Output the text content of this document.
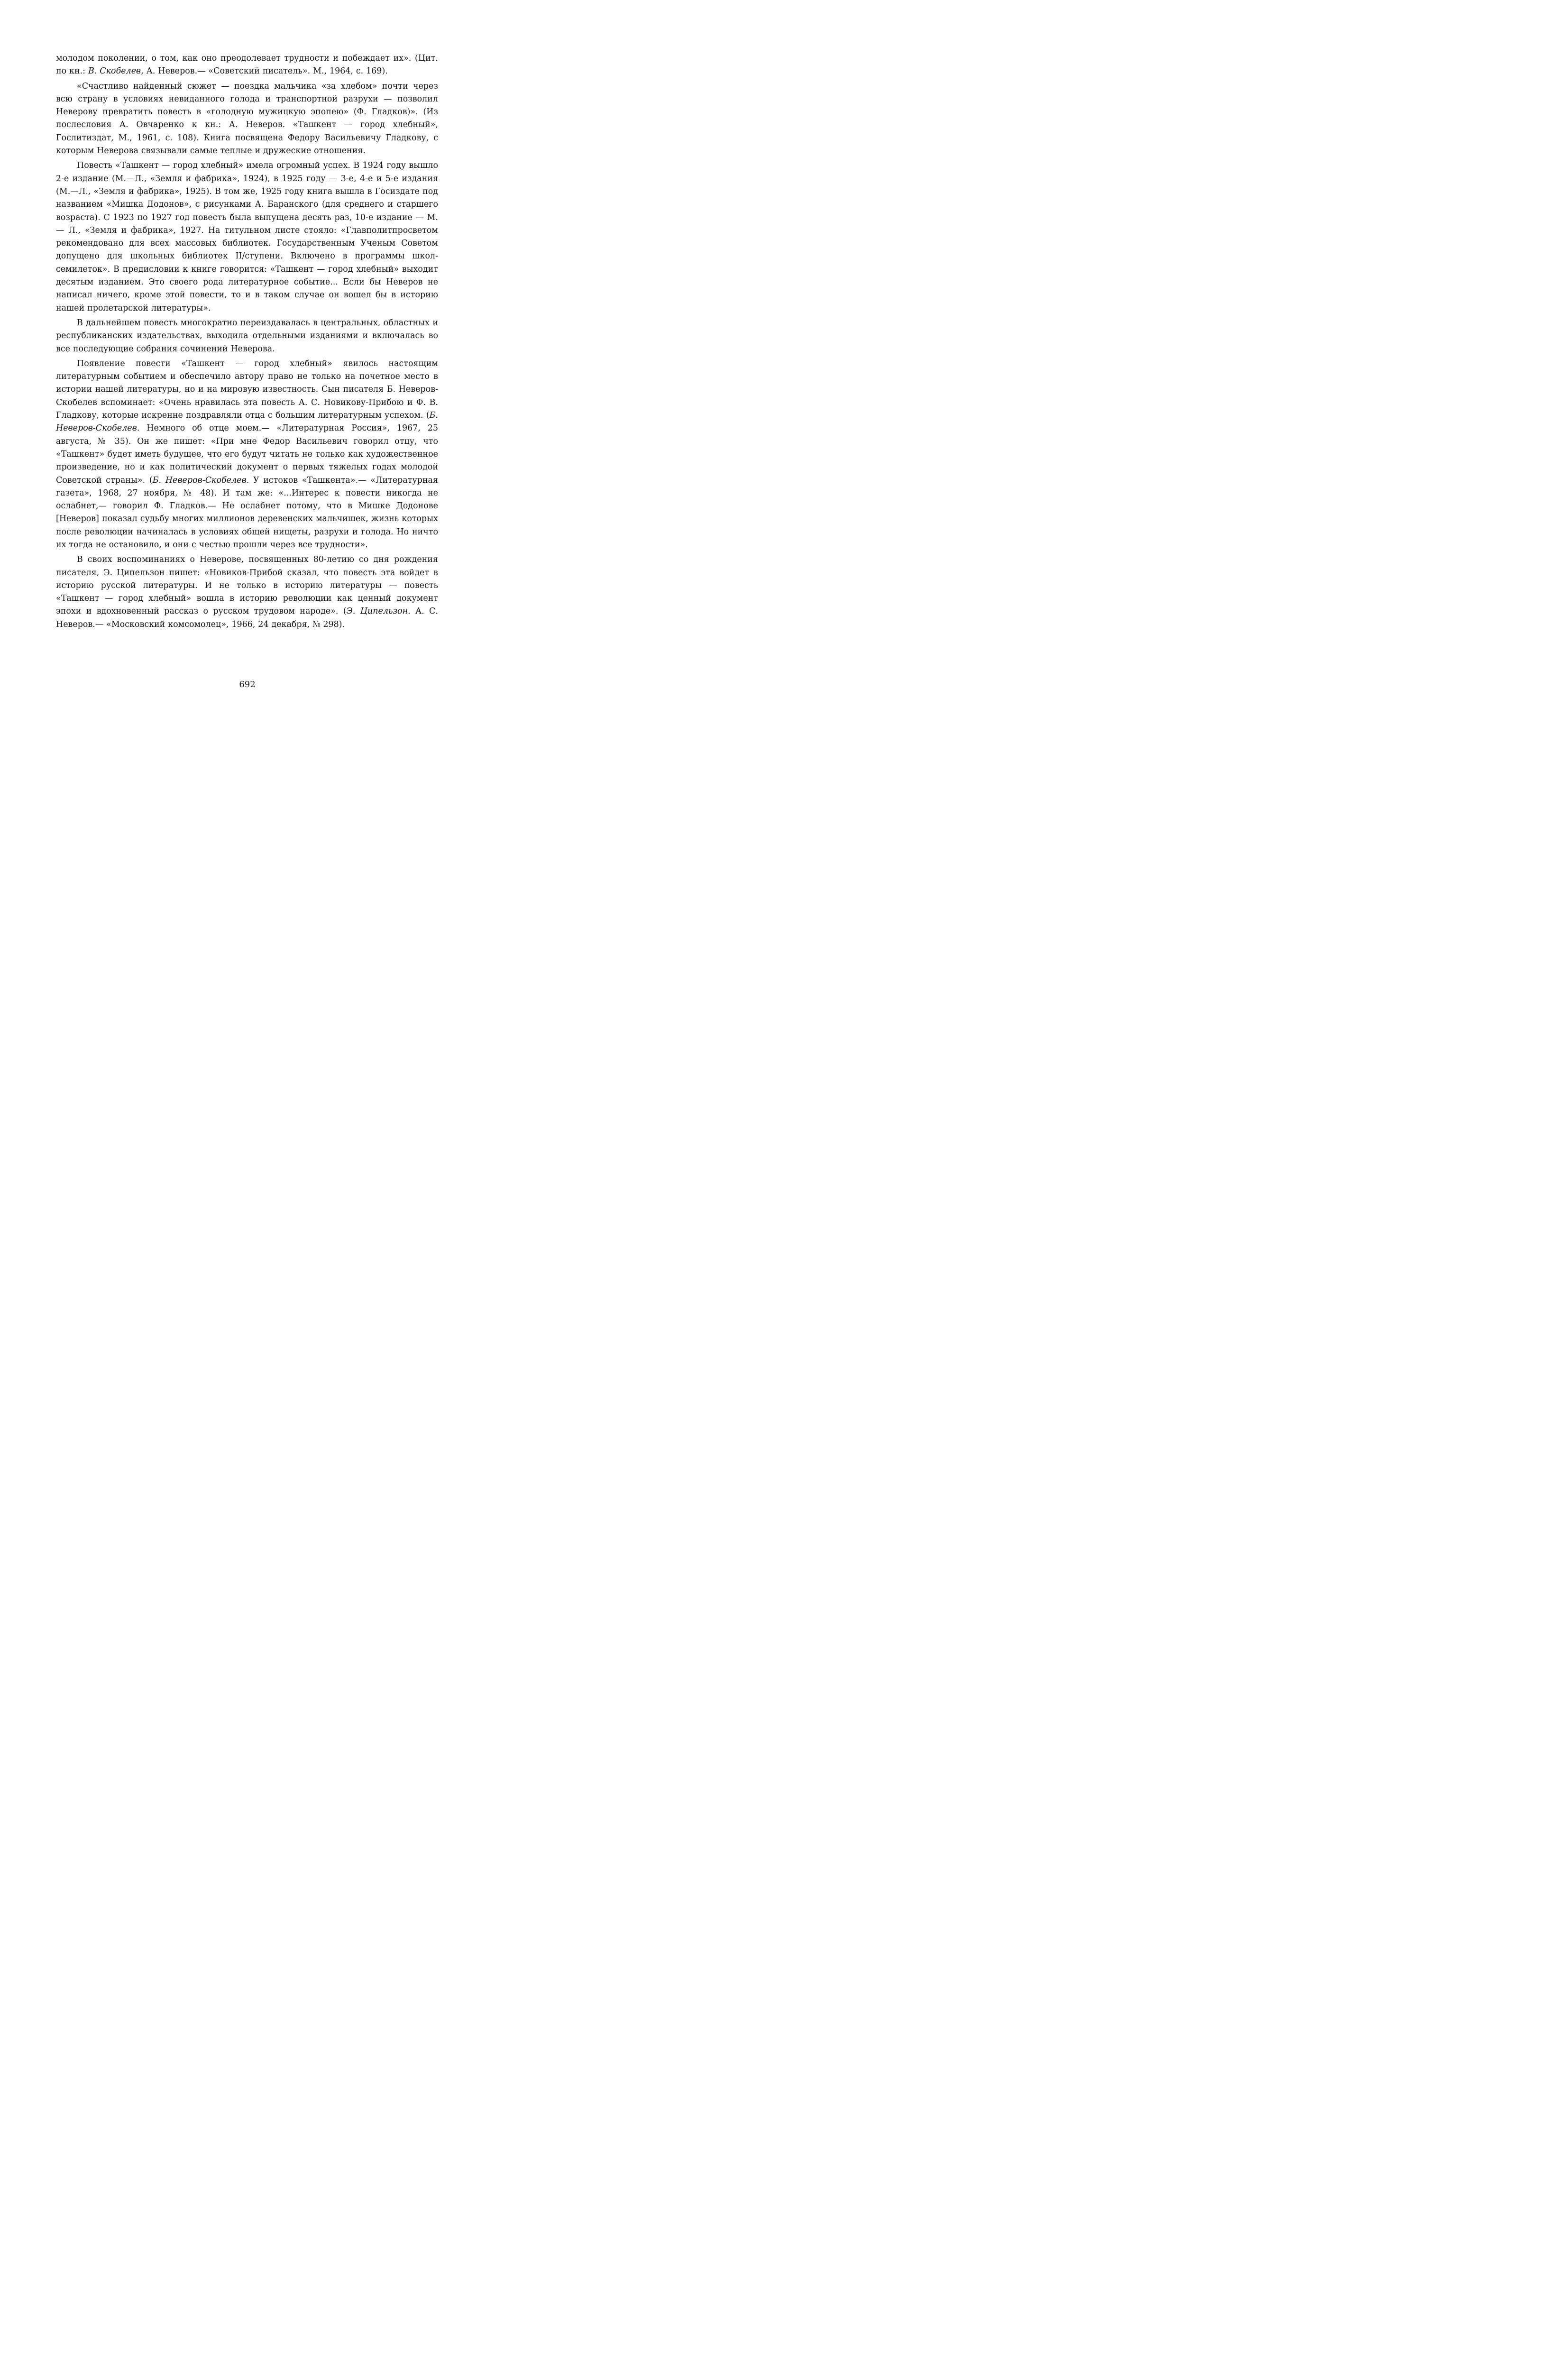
молодом поколении, о том, как оно преодолевает трудности и побеждает их». (Цит. по кн.: В. Скобелев, А. Неверов.— «Советский писатель». М., 1964, с. 169).

«Счастливо найденный сюжет — поездка мальчика «за хлебом» почти через всю страну в условиях невиданного голода и транспортной разрухи — позволил Неверову превратить повесть в «голодную мужицкую эпопею» (Ф. Гладков)». (Из послесловия А. Овчаренко к кн.: А. Неверов. «Ташкент — город хлебный», Гослитиздат, М., 1961, с. 108). Книга посвящена Федору Васильевичу Гладкову, с которым Неверова связывали самые теплые и дружеские отношения.

Повесть «Ташкент — город хлебный» имела огромный успех. В 1924 году вышло 2-е издание (М.—Л., «Земля и фабрика», 1924), в 1925 году — 3-е, 4-е и 5-е издания (М.—Л., «Земля и фабрика», 1925). В том же, 1925 году книга вышла в Госиздате под названием «Мишка Додонов», с рисунками А. Баранского (для среднего и старшего возраста). С 1923 по 1927 год повесть была выпущена десять раз, 10-е издание — М.— Л., «Земля и фабрика», 1927. На титульном листе стояло: «Главполитпросветом рекомендовано для всех массовых библиотек. Государственным Ученым Советом допущено для школьных библиотек II/ступени. Включено в программы школ-семилеток». В предисловии к книге говорится: «Ташкент — город хлебный» выходит десятым изданием. Это своего рода литературное событие... Если бы Неверов не написал ничего, кроме этой повести, то и в таком случае он вошел бы в историю нашей пролетарской литературы».

В дальнейшем повесть многократно переиздавалась в центральных, областных и республиканских издательствах, выходила отдельными изданиями и включалась во все последующие собрания сочинений Неверова.

Появление повести «Ташкент — город хлебный» явилось настоящим литературным событием и обеспечило автору право не только на почетное место в истории нашей литературы, но и на мировую известность. Сын писателя Б. Неверов-Скобелев вспоминает: «Очень нравилась эта повесть А. С. Новикову-Прибою и Ф. В. Гладкову, которые искренне поздравляли отца с большим литературным успехом. (Б. Неверов-Скобелев. Немного об отце моем.— «Литературная Россия», 1967, 25 августа, № 35). Он же пишет: «При мне Федор Васильевич говорил отцу, что «Ташкент» будет иметь будущее, что его будут читать не только как художественное произведение, но и как политический документ о первых тяжелых годах молодой Советской страны». (Б. Неверов-Скобелев. У истоков «Ташкента».— «Литературная газета», 1968, 27 ноября, № 48). И там же: «...Интерес к повести никогда не ослабнет,— говорил Ф. Гладков.— Не ослабнет потому, что в Мишке Додонове [Неверов] показал судьбу многих миллионов деревенских мальчишек, жизнь которых после революции начиналась в условиях общей нищеты, разрухи и голода. Но ничто их тогда не остановило, и они с честью прошли через все трудности».

В своих воспоминаниях о Неверове, посвященных 80-летию со дня рождения писателя, Э. Ципельзон пишет: «Новиков-Прибой сказал, что повесть эта войдет в историю русской литературы. И не только в историю литературы — повесть «Ташкент — город хлебный» вошла в историю революции как ценный документ эпохи и вдохновенный рассказ о русском трудовом народе». (Э. Ципельзон. А. С. Неверов.— «Московский комсомолец», 1966, 24 декабря, № 298).

692
